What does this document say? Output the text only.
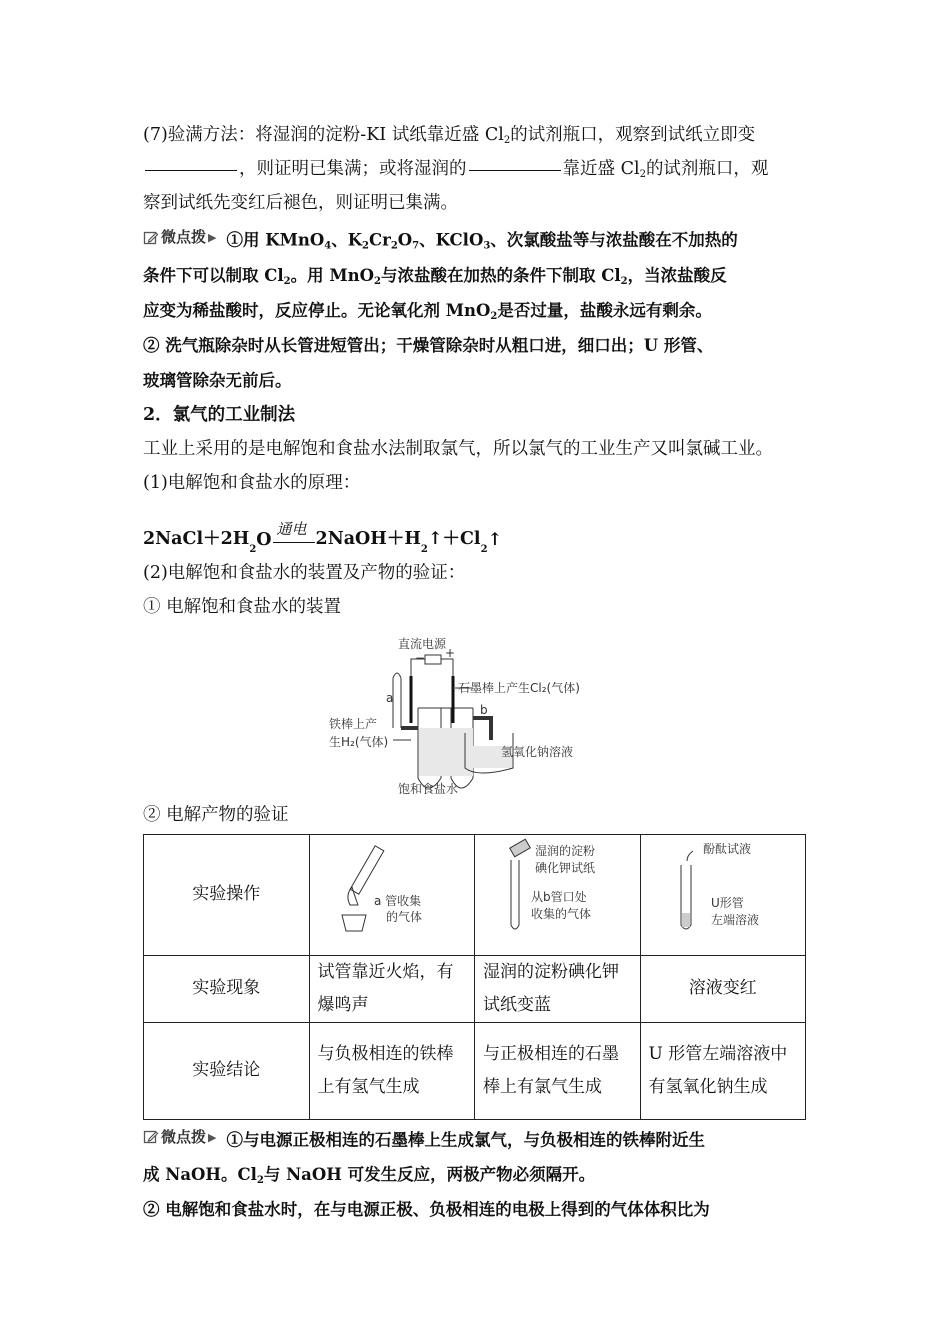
(7)验满方法：将湿润的淀粉-KI 试纸靠近盛 $Cl_2$的试剂瓶口，观察到试纸立即变
，则证明已集满；或将湿润的	靠近盛 $Cl_2$的试剂瓶口，观
察到试纸先变红后褪色，则证明已集满。

微点拨 ▶ ①用 KMnO$_4$、$K_2Cr_2O_7$、KClO$_3$、次氯酸盐等与浓盐酸在不加热的
条件下可以制取 $Cl_2$。用 MnO$_2$与浓盐酸在加热的条件下制取 $Cl_2$，当浓盐酸反
应变为稀盐酸时，反应停止。无论氧化剂 MnO$_2$是否过量，盐酸永远有剩余。
② 洗气瓶除杂时从长管进短管出；干燥管除杂时从粗口进，细口出；U 形管、
玻璃管除杂无前后。

2．氯气的工业制法

工业上采用的是电解饱和食盐水法制取氯气，所以氯气的工业生产又叫氯碱工业。

(1)电解饱和食盐水的原理：

2NaCl＋2H
2 O
通电 2NaOH＋H
2
↑＋Cl
2 ↑

(2)电解饱和食盐水的装置及产物的验证：

① 电解饱和食盐水的装置

直流电源
− +
a
b
石墨棒上产生Cl₂(气体)
铁棒上产
生H₂(气体)
氢氧化钠溶液
饱和食盐水

② 电解产物的验证

实验操作	a 管收集
的气体	湿润的淀粉
碘化钾试纸
从b管口处
收集的气体	酚酞试液
U形管
左端溶液

实验现象	试管靠近火焰，有爆鸣声	湿润的淀粉碘化钾试纸变蓝	溶液变红
实验结论	与负极相连的铁棒上有氢气生成	与正极相连的石墨棒上有氯气生成	U 形管左端溶液中有氢氧化钠生成

微点拨 ▶ ①与电源正极相连的石墨棒上生成氯气，与负极相连的铁棒附近生
成 NaOH。$Cl_2$与 NaOH 可发生反应，两极产物必须隔开。
② 电解饱和食盐水时，在与电源正极、负极相连的电极上得到的气体体积比为
